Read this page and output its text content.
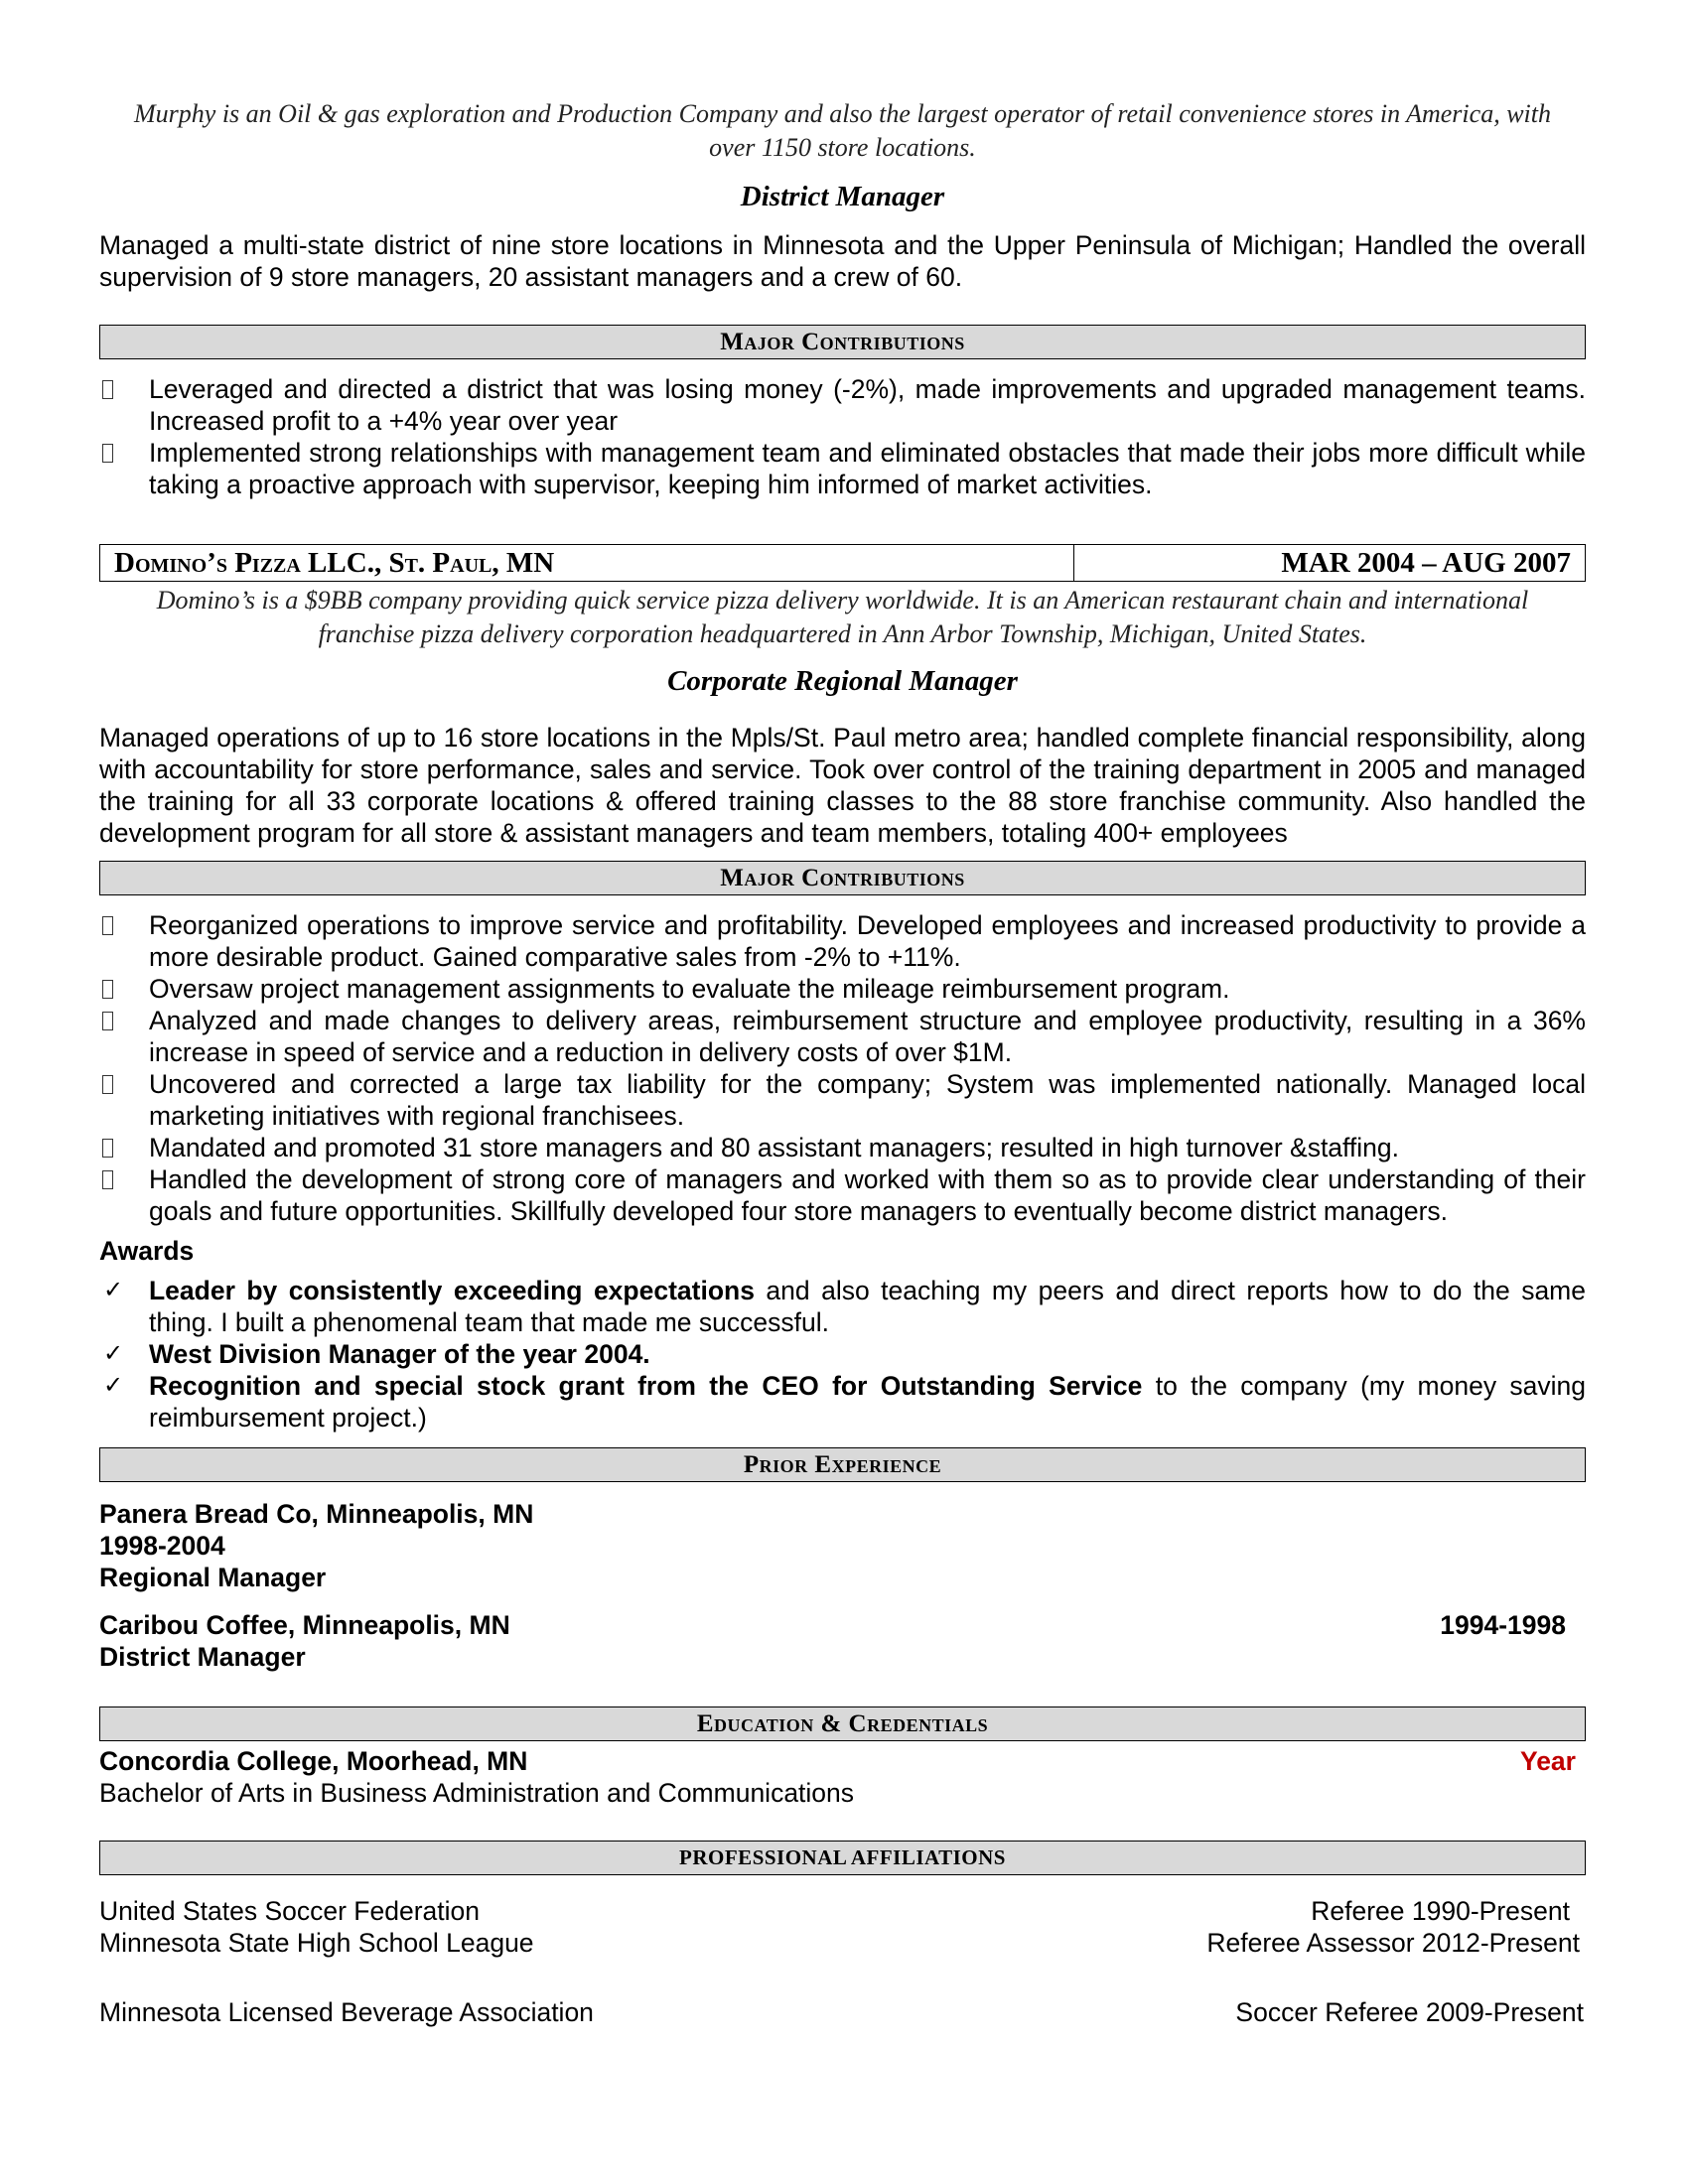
Murphy is an Oil & gas exploration and Production Company and also the largest operator of retail convenience stores in America, with over 1150 store locations.
District Manager
Managed a multi-state district of nine store locations in Minnesota and the Upper Peninsula of Michigan; Handled the overall supervision of 9 store managers, 20 assistant managers and a crew of 60.
Major Contributions
Leveraged and directed a district that was losing money (-2%), made improvements and upgraded management teams. Increased profit to a +4% year over year
Implemented strong relationships with management team and eliminated obstacles that made their jobs more difficult while taking a proactive approach with supervisor, keeping him informed of market activities.
Domino’s Pizza LLC., St. Paul, MN	MAR 2004 – AUG 2007
Domino’s is a $9BB company providing quick service pizza delivery worldwide. It is an American restaurant chain and international franchise pizza delivery corporation headquartered in Ann Arbor Township, Michigan, United States.
Corporate Regional Manager
Managed operations of up to 16 store locations in the Mpls/St. Paul metro area; handled complete financial responsibility, along with accountability for store performance, sales and service. Took over control of the training department in 2005 and managed the training for all 33 corporate locations & offered training classes to the 88 store franchise community. Also handled the development program for all store & assistant managers and team members, totaling 400+ employees
Major Contributions
Reorganized operations to improve service and profitability. Developed employees and increased productivity to provide a more desirable product. Gained comparative sales from -2% to +11%.
Oversaw project management assignments to evaluate the mileage reimbursement program.
Analyzed and made changes to delivery areas, reimbursement structure and employee productivity, resulting in a 36% increase in speed of service and a reduction in delivery costs of over $1M.
Uncovered and corrected a large tax liability for the company; System was implemented nationally. Managed local marketing initiatives with regional franchisees.
Mandated and promoted 31 store managers and 80 assistant managers; resulted in high turnover &staffing.
Handled the development of strong core of managers and worked with them so as to provide clear understanding of their goals and future opportunities. Skillfully developed four store managers to eventually become district managers.
Awards
✓ Leader by consistently exceeding expectations and also teaching my peers and direct reports how to do the same thing. I built a phenomenal team that made me successful.
✓ West Division Manager of the year 2004.
✓ Recognition and special stock grant from the CEO for Outstanding Service to the company (my money saving reimbursement project.)
Prior Experience
Panera Bread Co, Minneapolis, MN
1998-2004
Regional Manager
Caribou Coffee, Minneapolis, MN	1994-1998
District Manager
Education & Credentials
Concordia College, Moorhead, MN	Year
Bachelor of Arts in Business Administration and Communications
PROFESSIONAL AFFILIATIONS
United States Soccer Federation	Referee 1990-Present
Minnesota State High School League	Referee Assessor 2012-Present
Minnesota Licensed Beverage Association	Soccer Referee 2009-Present
